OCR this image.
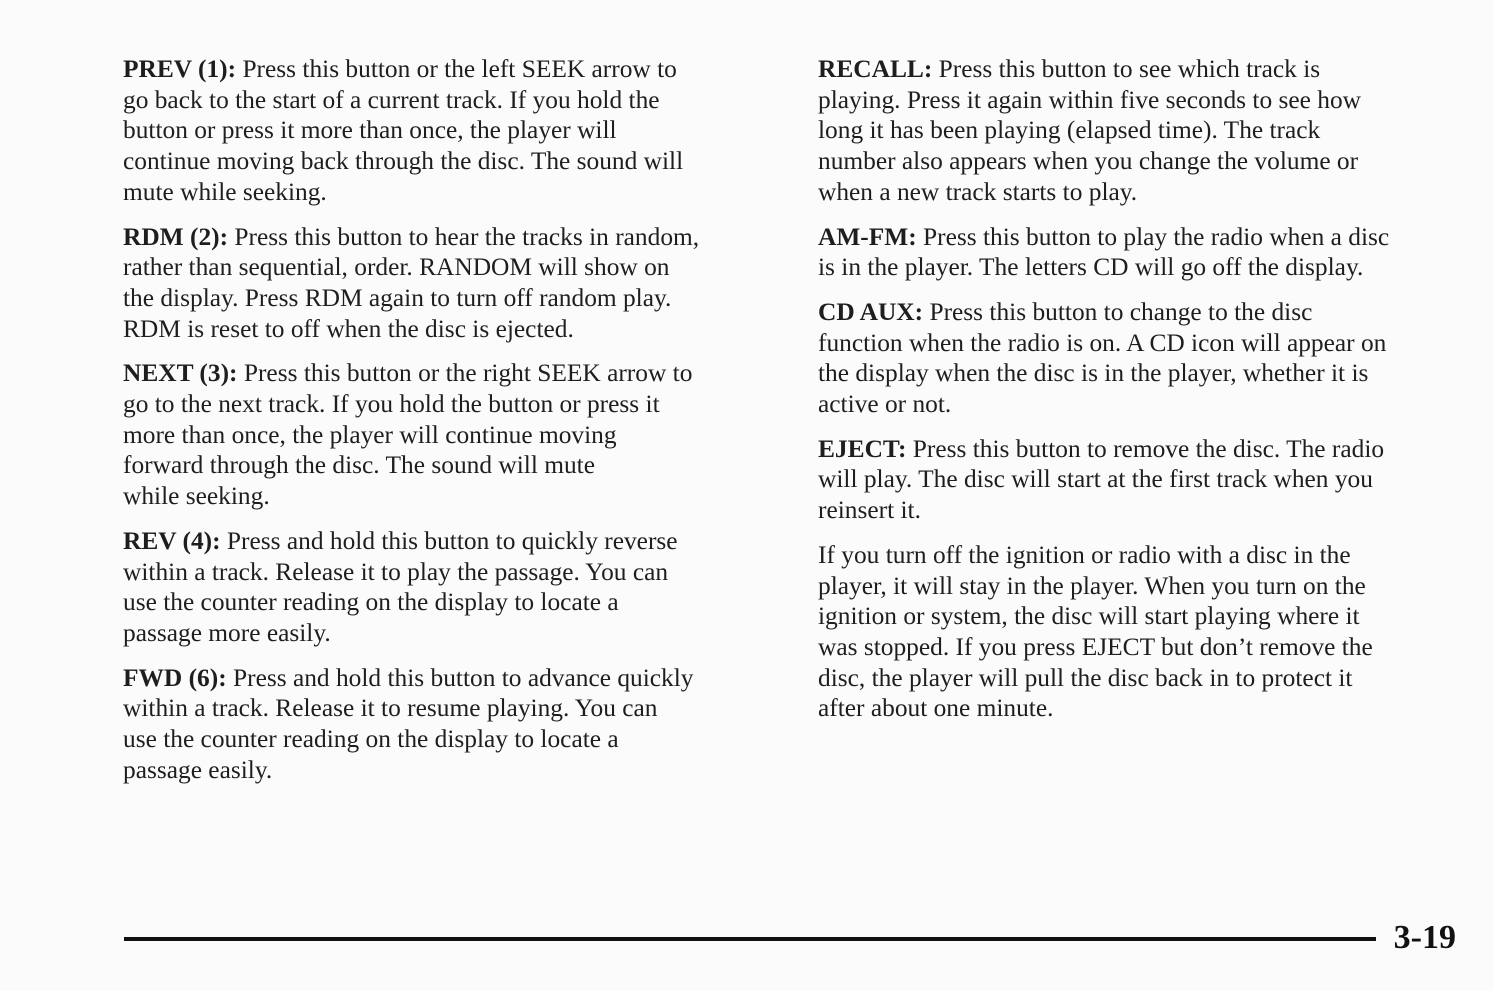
PREV (1): Press this button or the left SEEK arrow to
go back to the start of a current track. If you hold the
button or press it more than once, the player will
continue moving back through the disc. The sound will
mute while seeking.

RDM (2): Press this button to hear the tracks in random,
rather than sequential, order. RANDOM will show on
the display. Press RDM again to turn off random play.
RDM is reset to off when the disc is ejected.

NEXT (3): Press this button or the right SEEK arrow to
go to the next track. If you hold the button or press it
more than once, the player will continue moving
forward through the disc. The sound will mute
while seeking.

REV (4): Press and hold this button to quickly reverse
within a track. Release it to play the passage. You can
use the counter reading on the display to locate a
passage more easily.

FWD (6): Press and hold this button to advance quickly
within a track. Release it to resume playing. You can
use the counter reading on the display to locate a
passage easily.

RECALL: Press this button to see which track is
playing. Press it again within five seconds to see how
long it has been playing (elapsed time). The track
number also appears when you change the volume or
when a new track starts to play.

AM-FM: Press this button to play the radio when a disc
is in the player. The letters CD will go off the display.

CD AUX: Press this button to change to the disc
function when the radio is on. A CD icon will appear on
the display when the disc is in the player, whether it is
active or not.

EJECT: Press this button to remove the disc. The radio
will play. The disc will start at the first track when you
reinsert it.

If you turn off the ignition or radio with a disc in the
player, it will stay in the player. When you turn on the
ignition or system, the disc will start playing where it
was stopped. If you press EJECT but don’t remove the
disc, the player will pull the disc back in to protect it
after about one minute.

3-19
